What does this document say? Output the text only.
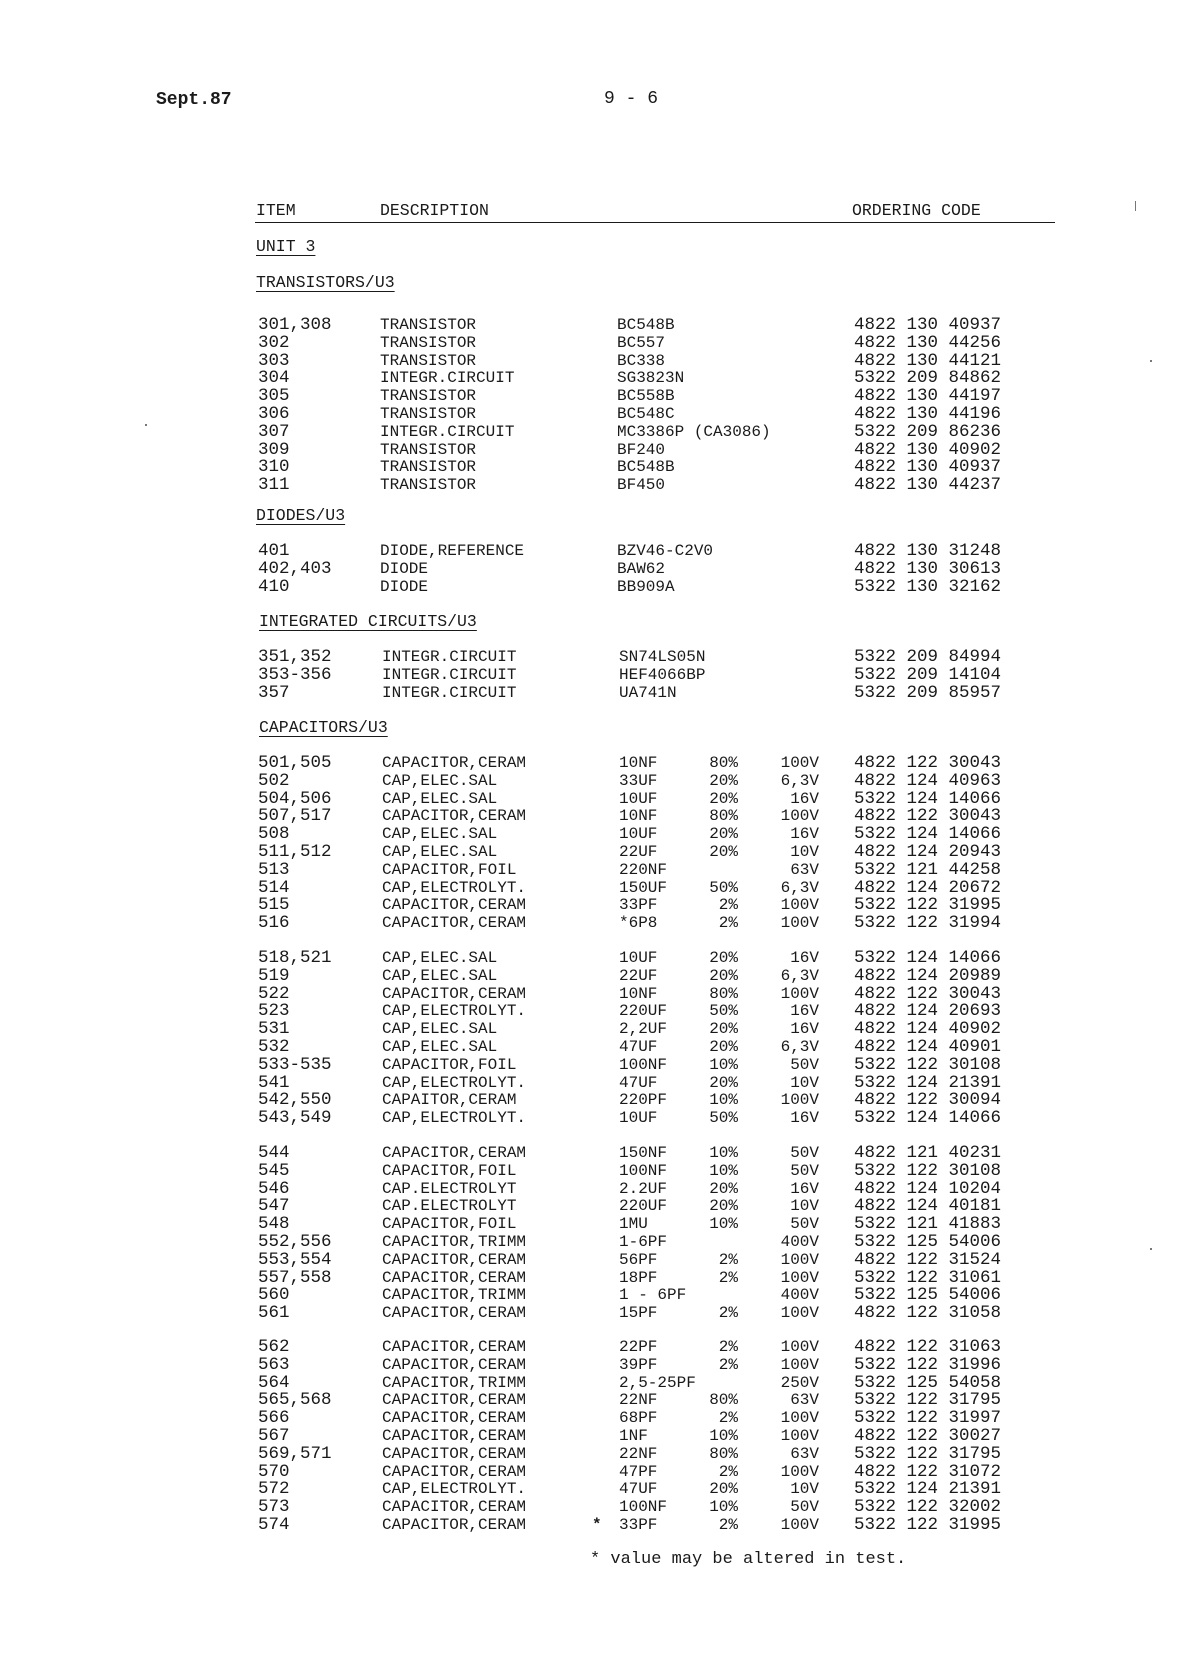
Sept.87	9 - 6
ITEM	DESCRIPTION	ORDERING CODE
UNIT 3
TRANSISTORS/U3
301,308	TRANSISTOR	BC548B	4822 130 40937
302	TRANSISTOR	BC557	4822 130 44256
303	TRANSISTOR	BC338	4822 130 44121
304	INTEGR.CIRCUIT	SG3823N	5322 209 84862
305	TRANSISTOR	BC558B	4822 130 44197
306	TRANSISTOR	BC548C	4822 130 44196
307	INTEGR.CIRCUIT	MC3386P (CA3086)	5322 209 86236
309	TRANSISTOR	BF240	4822 130 40902
310	TRANSISTOR	BC548B	4822 130 40937
311	TRANSISTOR	BF450	4822 130 44237
DIODES/U3
401	DIODE,REFERENCE	BZV46-C2V0	4822 130 31248
402,403	DIODE	BAW62	4822 130 30613
410	DIODE	BB909A	5322 130 32162
INTEGRATED CIRCUITS/U3
351,352	INTEGR.CIRCUIT	SN74LS05N	5322 209 84994
353-356	INTEGR.CIRCUIT	HEF4066BP	5322 209 14104
357	INTEGR.CIRCUIT	UA741N	5322 209 85957
CAPACITORS/U3
501,505	CAPACITOR,CERAM	10NF	80%	100V 4822 122 30043
502	CAP,ELEC.SAL	33UF	20%	6,3V 4822 124 40963
504,506	CAP,ELEC.SAL	10UF	20%	16V 5322 124 14066
507,517	CAPACITOR,CERAM	10NF	80%	100V 4822 122 30043
508	CAP,ELEC.SAL	10UF	20%	16V 5322 124 14066
511,512	CAP,ELEC.SAL	22UF	20%	10V 4822 124 20943
513	CAPACITOR,FOIL	220NF	63V 5322 121 44258
514	CAP,ELECTROLYT.	150UF	50%	6,3V 4822 124 20672
515	CAPACITOR,CERAM	33PF	2%	100V 5322 122 31995
516	CAPACITOR,CERAM	*6P8	2%	100V 5322 122 31994
518,521	CAP,ELEC.SAL	10UF	20%	16V 5322 124 14066
519	CAP,ELEC.SAL	22UF	20%	6,3V 4822 124 20989
522	CAPACITOR,CERAM	10NF	80%	100V 4822 122 30043
523	CAP,ELECTROLYT.	220UF	50%	16V 4822 124 20693
531	CAP,ELEC.SAL	2,2UF	20%	16V 4822 124 40902
532	CAP,ELEC.SAL	47UF	20%	6,3V 4822 124 40901
533-535	CAPACITOR,FOIL	100NF	10%	50V 5322 122 30108
541	CAP,ELECTROLYT.	47UF	20%	10V 5322 124 21391
542,550	CAPAITOR,CERAM	220PF	10%	100V 4822 122 30094
543,549	CAP,ELECTROLYT.	10UF	50%	16V 5322 124 14066
544	CAPACITOR,CERAM	150NF	10%	50V 4822 121 40231
545	CAPACITOR,FOIL	100NF	10%	50V 5322 122 30108
546	CAP.ELECTROLYT	2.2UF	20%	16V 4822 124 10204
547	CAP.ELECTROLYT	220UF	20%	10V 4822 124 40181
548	CAPACITOR,FOIL	1MU	10%	50V 5322 121 41883
552,556	CAPACITOR,TRIMM	1-6PF	400V 5322 125 54006
553,554	CAPACITOR,CERAM	56PF	2%	100V 4822 122 31524
557,558	CAPACITOR,CERAM	18PF	2%	100V 5322 122 31061
560	CAPACITOR,TRIMM	1 - 6PF	400V 5322 125 54006
561	CAPACITOR,CERAM	15PF	2%	100V 4822 122 31058
562	CAPACITOR,CERAM	22PF	2%	100V 4822 122 31063
563	CAPACITOR,CERAM	39PF	2%	100V 5322 122 31996
564	CAPACITOR,TRIMM	2,5-25PF	250V 5322 125 54058
565,568	CAPACITOR,CERAM	22NF	80%	63V 5322 122 31795
566	CAPACITOR,CERAM	68PF	2%	100V 5322 122 31997
567	CAPACITOR,CERAM	1NF	10%	100V 4822 122 30027
569,571	CAPACITOR,CERAM	22NF	80%	63V 5322 122 31795
570	CAPACITOR,CERAM	47PF	2%	100V 4822 122 31072
572	CAP,ELECTROLYT.	47UF	20%	10V 5322 124 21391
573	CAPACITOR,CERAM	100NF	10%	50V 5322 122 32002
574	CAPACITOR,CERAM	* 33PF	2%	100V 5322 122 31995
* value may be altered in test.
